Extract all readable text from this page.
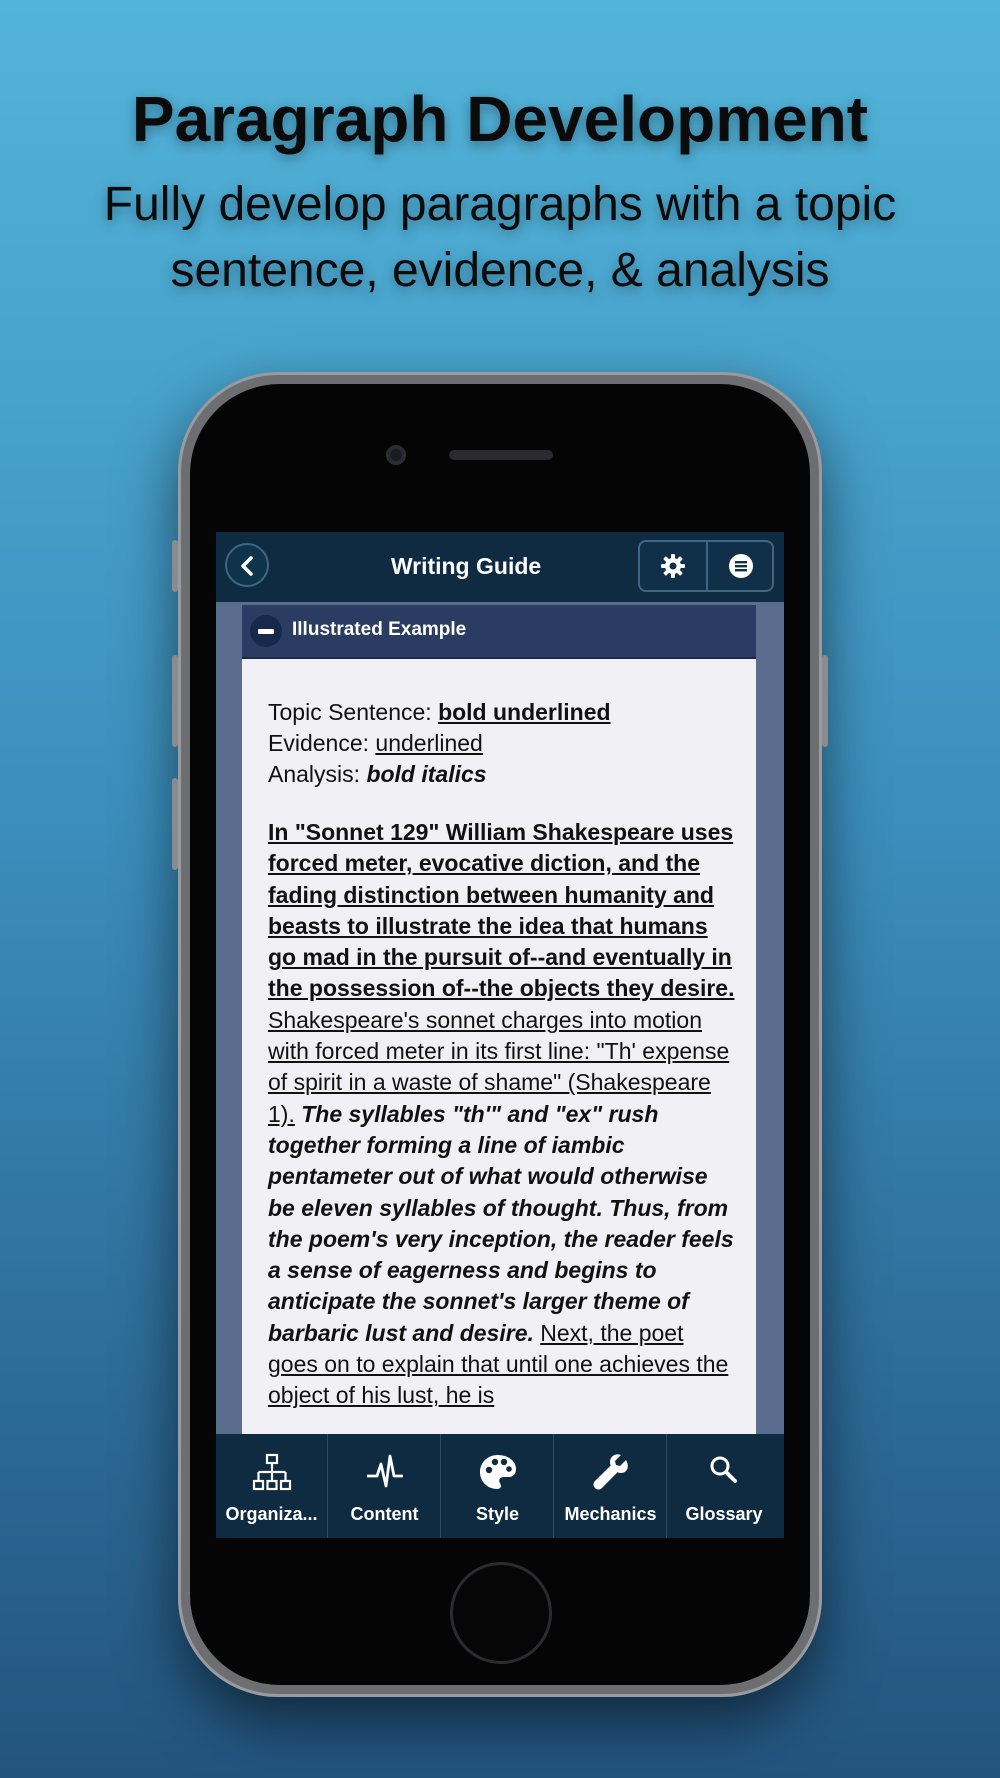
Paragraph Development

Fully develop paragraphs with a topic sentence, evidence, & analysis

Writing Guide
Illustrated Example
Topic Sentence: bold underlined
Evidence: underlined
Analysis: bold italics
In "Sonnet 129" William Shakespeare uses forced meter, evocative diction, and the fading distinction between humanity and beasts to illustrate the idea that humans go mad in the pursuit of--and eventually in the possession of--the objects they desire. Shakespeare's sonnet charges into motion with forced meter in its first line: "Th' expense of spirit in a waste of shame" (Shakespeare 1). The syllables "th'" and "ex" rush together forming a line of iambic pentameter out of what would otherwise be eleven syllables of thought. Thus, from the poem's very inception, the reader feels a sense of eagerness and begins to anticipate the sonnet's larger theme of barbaric lust and desire. Next, the poet goes on to explain that until one achieves the object of his lust, he is
Organiza...	Content	Style	Mechanics	Glossary
